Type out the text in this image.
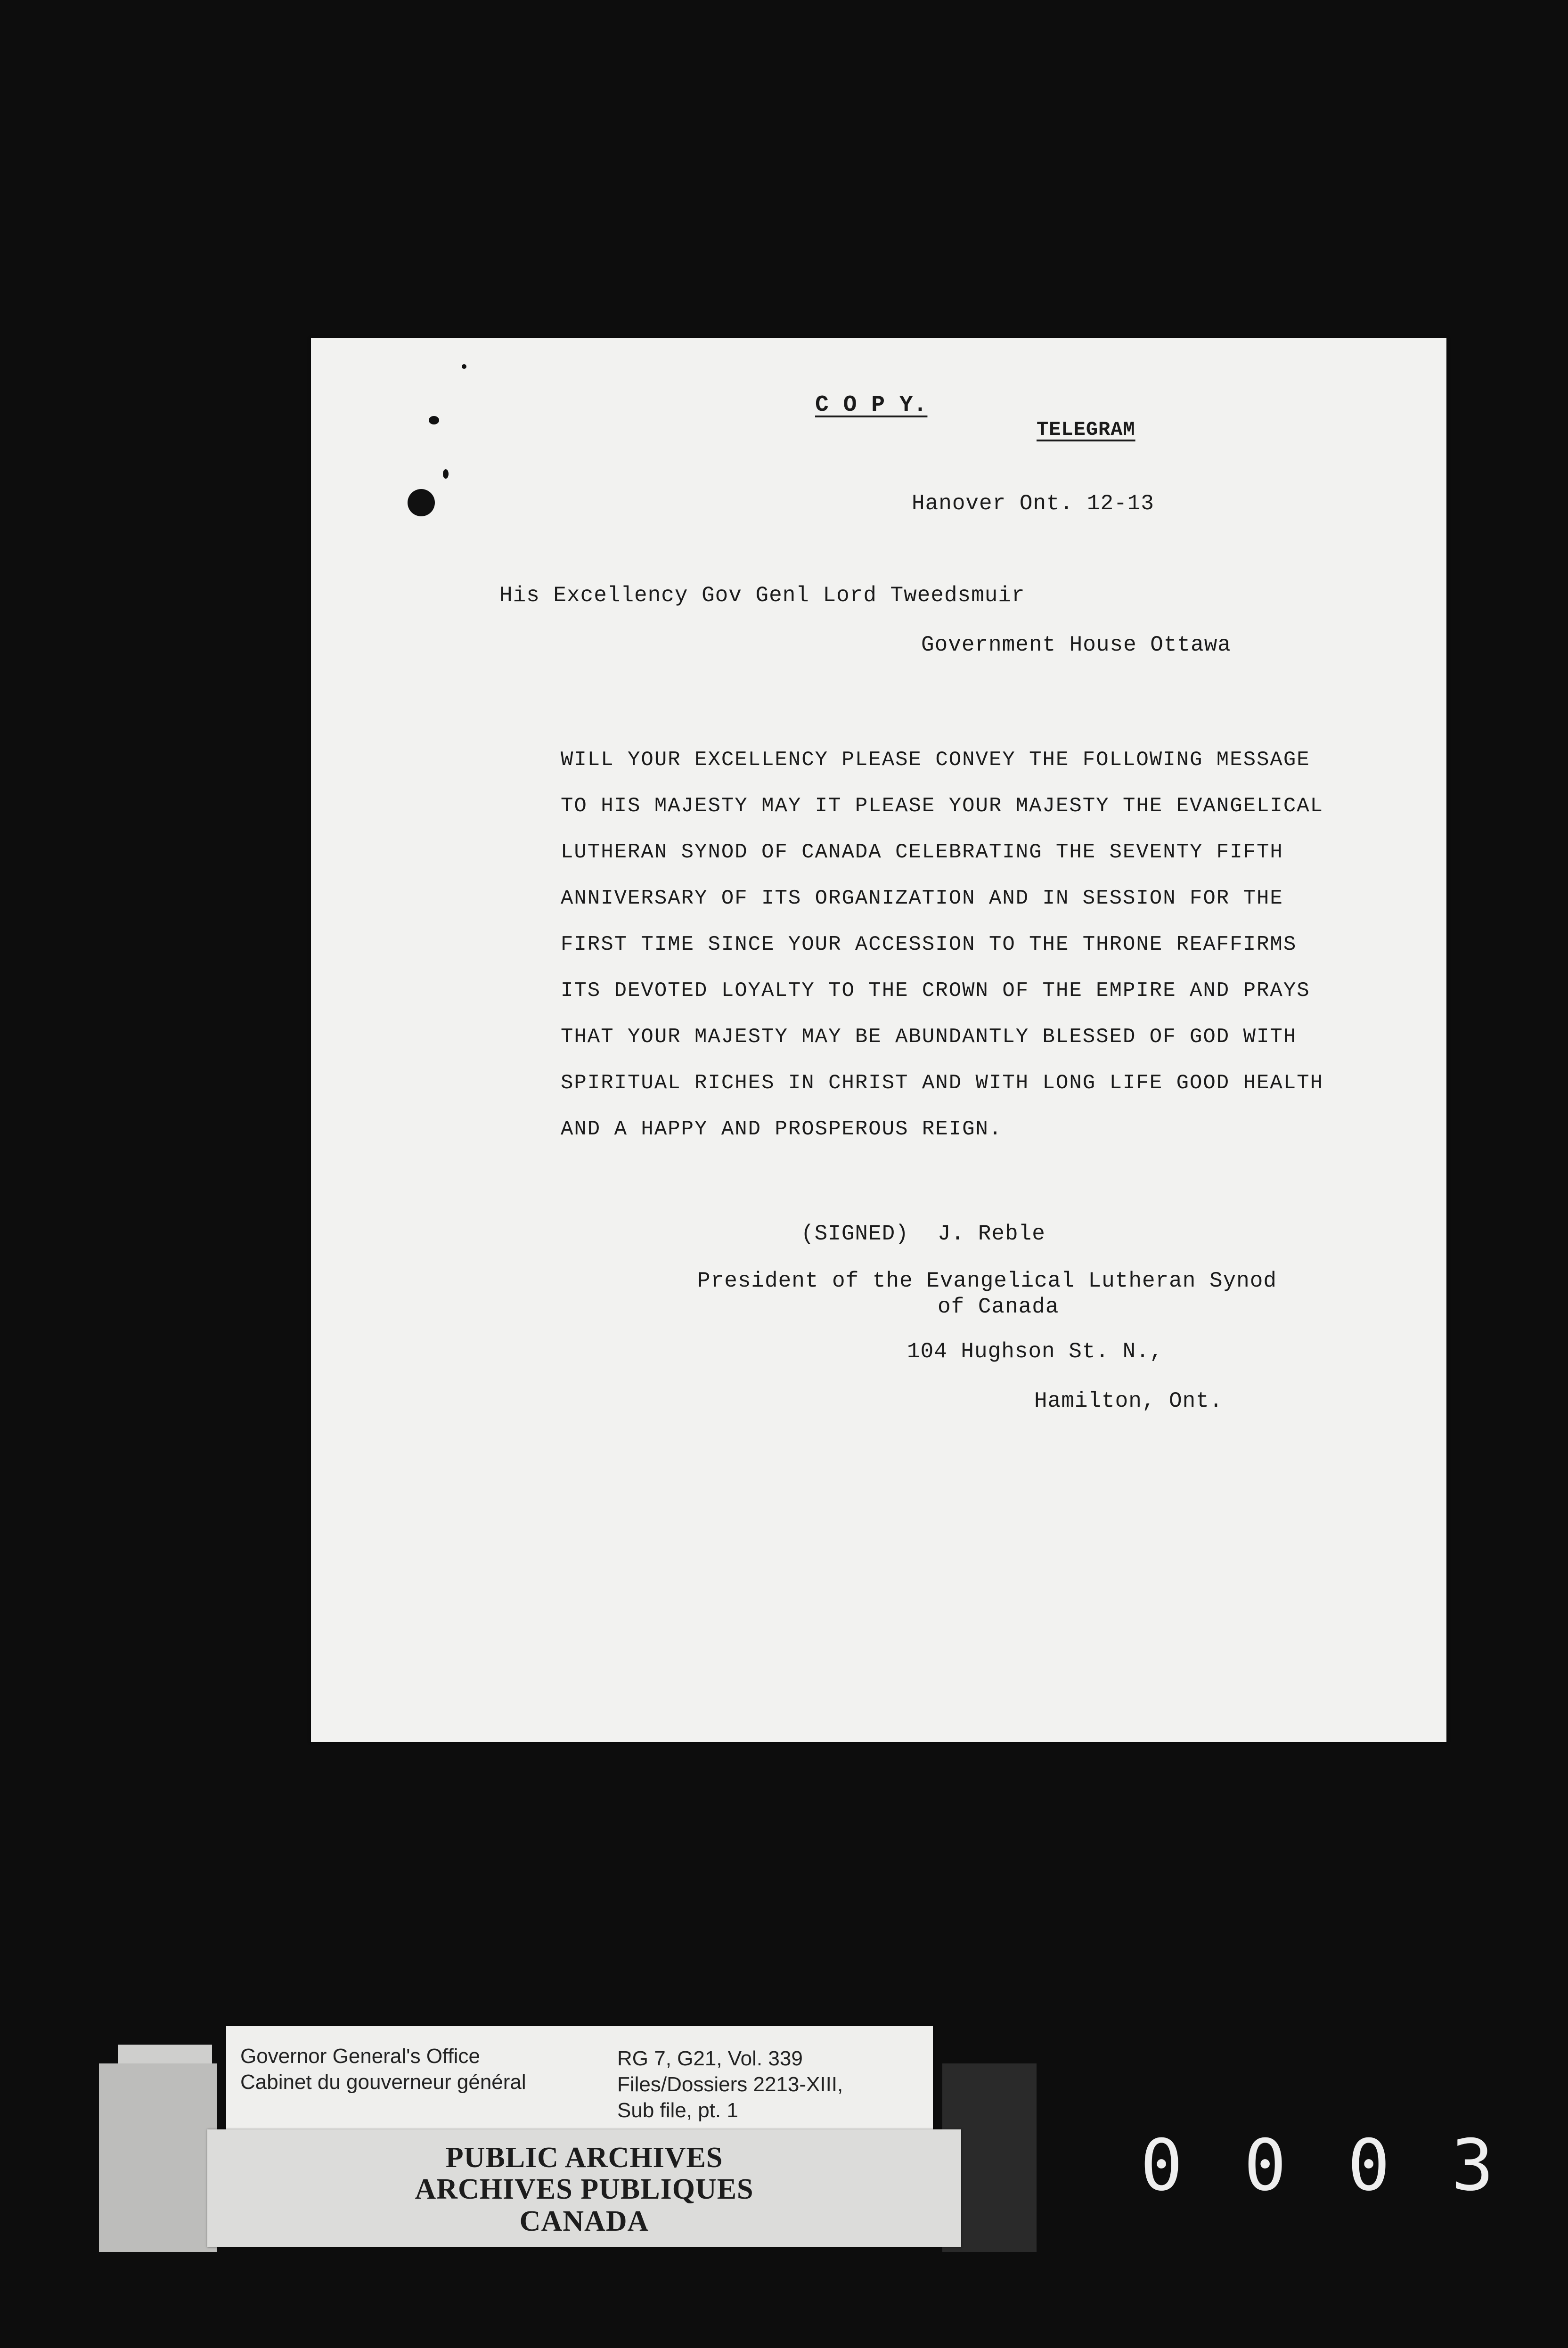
C O P Y.
TELEGRAM
Hanover Ont. 12-13
His Excellency Gov Genl Lord Tweedsmuir
Government House Ottawa
WILL YOUR EXCELLENCY PLEASE CONVEY THE FOLLOWING MESSAGE
TO HIS MAJESTY MAY IT PLEASE YOUR MAJESTY THE EVANGELICAL
LUTHERAN SYNOD OF CANADA CELEBRATING THE SEVENTY FIFTH
ANNIVERSARY OF ITS ORGANIZATION AND IN SESSION FOR THE
FIRST TIME SINCE YOUR ACCESSION TO THE THRONE REAFFIRMS
ITS DEVOTED LOYALTY TO THE CROWN OF THE EMPIRE AND PRAYS
THAT YOUR MAJESTY MAY BE ABUNDANTLY BLESSED OF GOD WITH
SPIRITUAL RICHES IN CHRIST AND WITH LONG LIFE GOOD HEALTH
AND A HAPPY AND PROSPEROUS REIGN.
(SIGNED) J. Reble
President of the Evangelical Lutheran Synod
of Canada
104 Hughson St. N.,
Hamilton, Ont.
Governor General's Office
Cabinet du gouverneur général
RG 7, G21, Vol. 339
Files/Dossiers 2213-XIII,
Sub file, pt. 1
PUBLIC ARCHIVES
ARCHIVES PUBLIQUES
CANADA
0 0 0 3
